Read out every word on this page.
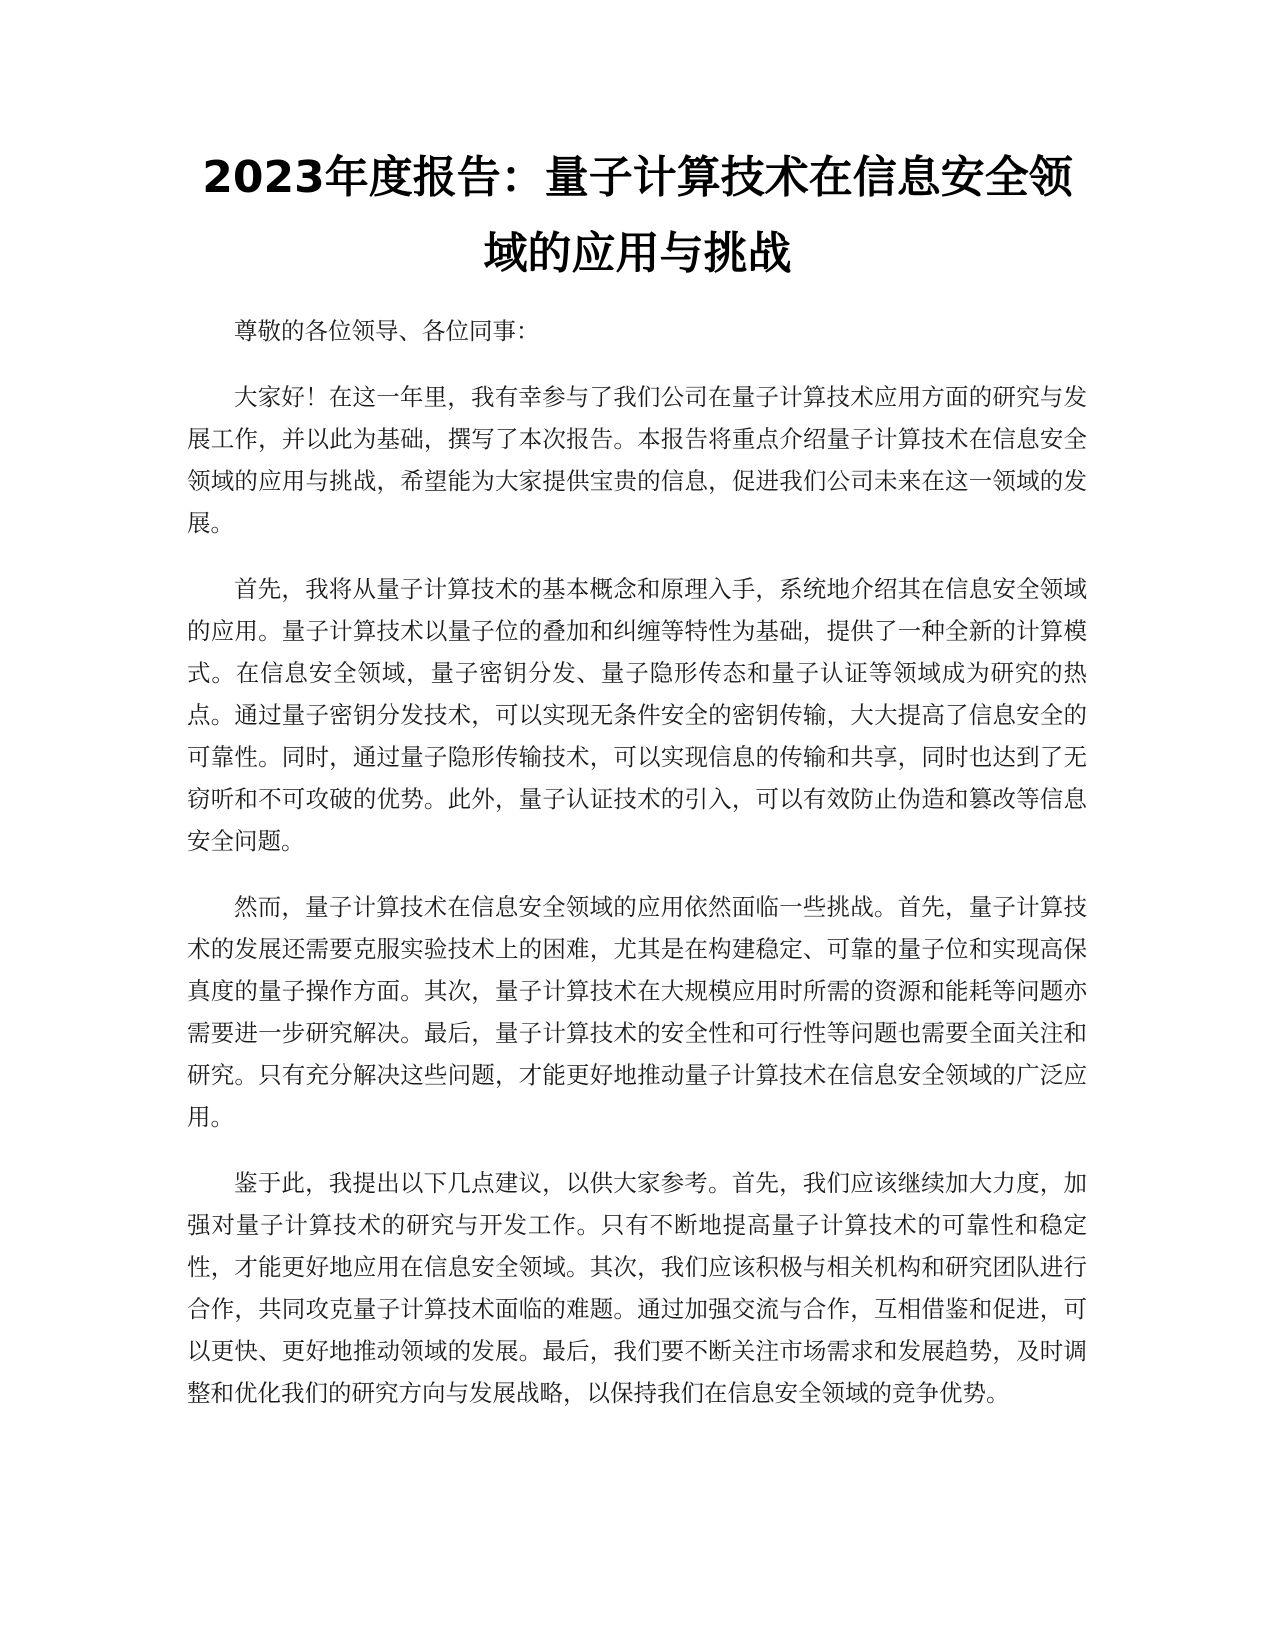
2023年度报告：量子计算技术在信息安全领
域的应用与挑战

尊敬的各位领导、各位同事：

大家好！在这一年里，我有幸参与了我们公司在量子计算技术应用方面的研究与发展工作，并以此为基础，撰写了本次报告。本报告将重点介绍量子计算技术在信息安全领域的应用与挑战，希望能为大家提供宝贵的信息，促进我们公司未来在这一领域的发展。

首先，我将从量子计算技术的基本概念和原理入手，系统地介绍其在信息安全领域的应用。量子计算技术以量子位的叠加和纠缠等特性为基础，提供了一种全新的计算模式。在信息安全领域，量子密钥分发、量子隐形传态和量子认证等领域成为研究的热点。通过量子密钥分发技术，可以实现无条件安全的密钥传输，大大提高了信息安全的可靠性。同时，通过量子隐形传输技术，可以实现信息的传输和共享，同时也达到了无窃听和不可攻破的优势。此外，量子认证技术的引入，可以有效防止伪造和篡改等信息安全问题。

然而，量子计算技术在信息安全领域的应用依然面临一些挑战。首先，量子计算技术的发展还需要克服实验技术上的困难，尤其是在构建稳定、可靠的量子位和实现高保真度的量子操作方面。其次，量子计算技术在大规模应用时所需的资源和能耗等问题亦需要进一步研究解决。最后，量子计算技术的安全性和可行性等问题也需要全面关注和研究。只有充分解决这些问题，才能更好地推动量子计算技术在信息安全领域的广泛应用。

鉴于此，我提出以下几点建议，以供大家参考。首先，我们应该继续加大力度，加强对量子计算技术的研究与开发工作。只有不断地提高量子计算技术的可靠性和稳定性，才能更好地应用在信息安全领域。其次，我们应该积极与相关机构和研究团队进行合作，共同攻克量子计算技术面临的难题。通过加强交流与合作，互相借鉴和促进，可以更快、更好地推动领域的发展。最后，我们要不断关注市场需求和发展趋势，及时调整和优化我们的研究方向与发展战略，以保持我们在信息安全领域的竞争优势。
